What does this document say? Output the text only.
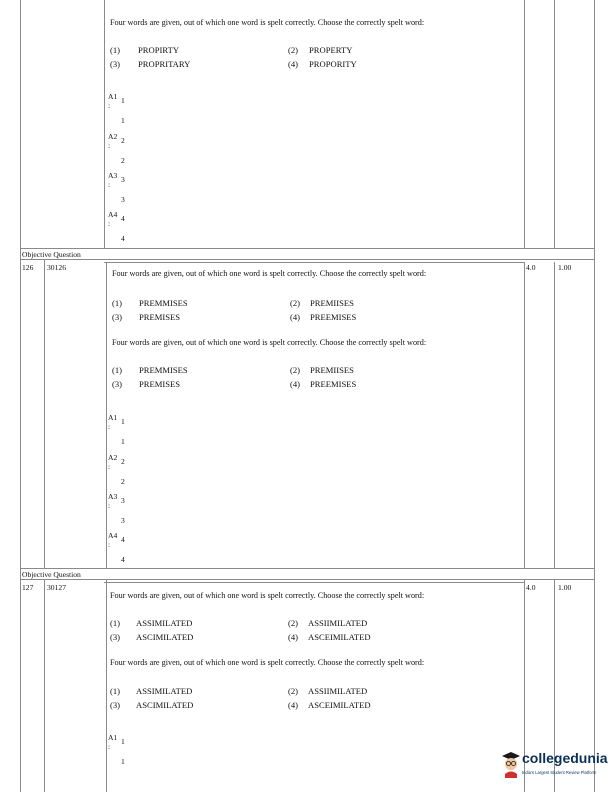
Four words are given, out of which one word is spelt correctly. Choose the correctly spelt word:
(1) PROPIRTY	(2) PROPERTY
(3) PROPRITARY	(4) PROPORITY
A1 1
:
1
A2 2
:
2
A3 3
:
3
A4 4
:
4
Objective Question
126 30126	4.0	1.00
Four words are given, out of which one word is spelt correctly. Choose the correctly spelt word:
(1) PREMMISES	(2) PREMIISES
(3) PREMISES	(4) PREEMISES
Four words are given, out of which one word is spelt correctly. Choose the correctly spelt word:
(1) PREMMISES	(2) PREMIISES
(3) PREMISES	(4) PREEMISES
A1 1
:
1
A2 2
:
2
A3 3
:
3
A4 4
:
4
Objective Question
127 30127	4.0	1.00
Four words are given, out of which one word is spelt correctly. Choose the correctly spelt word:
(1) ASSIMILATED	(2) ASSIIMILATED
(3) ASCIMILATED	(4) ASCEIMILATED
Four words are given, out of which one word is spelt correctly. Choose the correctly spelt word:
(1) ASSIMILATED	(2) ASSIIMILATED
(3) ASCIMILATED	(4) ASCEIMILATED
A1 1
:
1	collegedunia
India's Largest Student Review Platform
